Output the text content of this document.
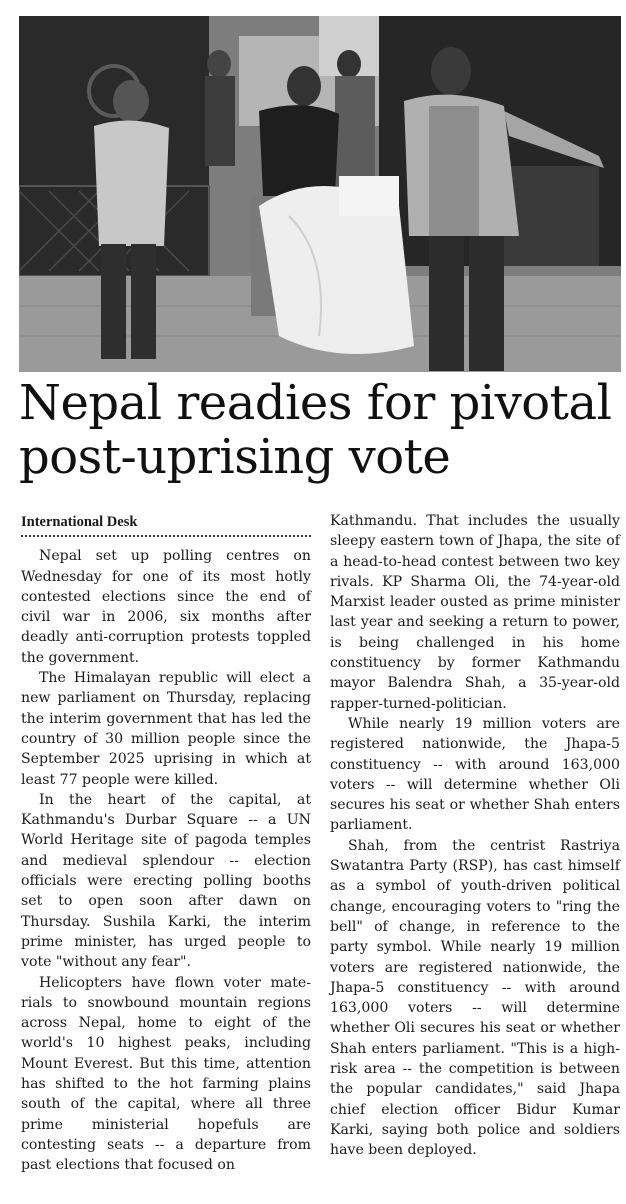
Nepal readies for pivotal
post-uprising vote
International Desk

Nepal set up polling centres on Wednesday for one of its most hotly contested elections since the end of civil war in 2006, six months after deadly anti-corruption protests toppled the government.

The Himalayan republic will elect a new parliament on Thursday, replacing the interim government that has led the country of 30 million people since the September 2025 uprising in which at least 77 people were killed.

In the heart of the capital, at Kathmandu's Durbar Square -- a UN World Heritage site of pagoda temples and medieval splendour -- election officials were erecting polling booths set to open soon after dawn on Thursday. Sushila Karki, the interim prime minister, has urged people to vote "without any fear".

Helicopters have flown voter materials to snowbound mountain regions across Nepal, home to eight of the world's 10 highest peaks, including Mount Everest. But this time, attention has shifted to the hot farming plains south of the capital, where all three prime ministerial hopefuls are contesting seats -- a departure from past elections that focused on

Kathmandu. That includes the usually sleepy eastern town of Jhapa, the site of a head-to-head contest between two key rivals. KP Sharma Oli, the 74-year-old Marxist leader ousted as prime minister last year and seeking a return to power, is being challenged in his home constituency by former Kathmandu mayor Balendra Shah, a 35-year-old rapper-turned-politician.

While nearly 19 million voters are registered nationwide, the Jhapa-5 constituency -- with around 163,000 voters -- will determine whether Oli secures his seat or whether Shah enters parliament.

Shah, from the centrist Rastriya Swatantra Party (RSP), has cast himself as a symbol of youth-driven political change, encouraging voters to "ring the bell" of change, in reference to the party symbol. While nearly 19 million voters are registered nationwide, the Jhapa-5 constituency -- with around 163,000 voters -- will determine whether Oli secures his seat or whether Shah enters parliament. "This is a high-risk area -- the competition is between the popular candidates," said Jhapa chief election officer Bidur Kumar Karki, saying both police and soldiers have been deployed.
